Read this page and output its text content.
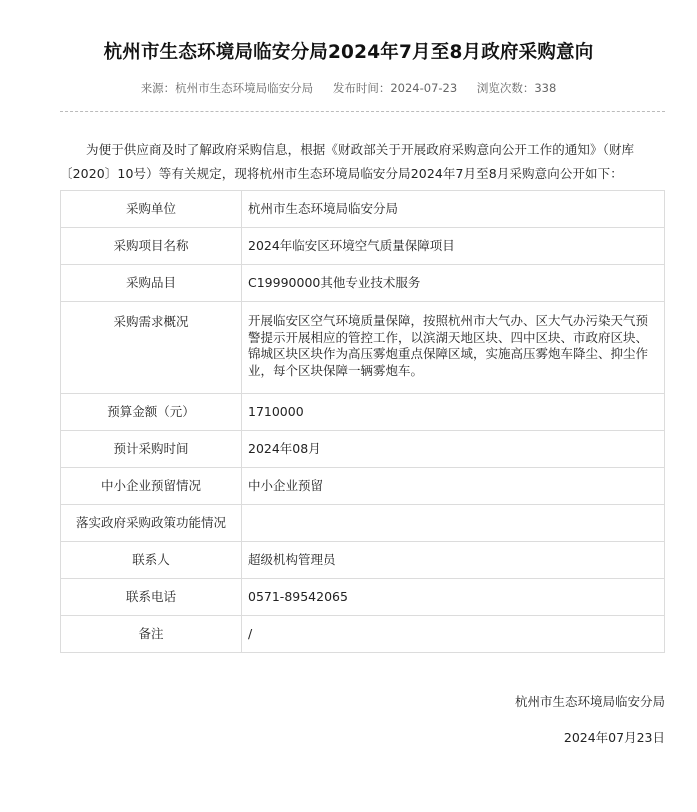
杭州市生态环境局临安分局2024年7月至8月政府采购意向
来源：杭州市生态环境局临安分局 发布时间：2024-07-23 浏览次数：338
为便于供应商及时了解政府采购信息，根据《财政部关于开展政府采购意向公开工作的通知》（财库〔2020〕10号）等有关规定，现将杭州市生态环境局临安分局2024年7月至8月采购意向公开如下：
采购单位	杭州市生态环境局临安分局
采购项目名称	2024年临安区环境空气质量保障项目
采购品目	C19990000其他专业技术服务
采购需求概况	开展临安区空气环境质量保障，按照杭州市大气办、区大气办污染天气预警提示开展相应的管控工作，以滨湖天地区块、四中区块、市政府区块、锦城区块区块作为高压雾炮重点保障区域，实施高压雾炮车降尘、抑尘作业，每个区块保障一辆雾炮车。
预算金额（元）	1710000
预计采购时间	2024年08月
中小企业预留情况	中小企业预留
落实政府采购政策功能情况	
联系人	超级机构管理员
联系电话	0571-89542065
备注	/
杭州市生态环境局临安分局
2024年07月23日
